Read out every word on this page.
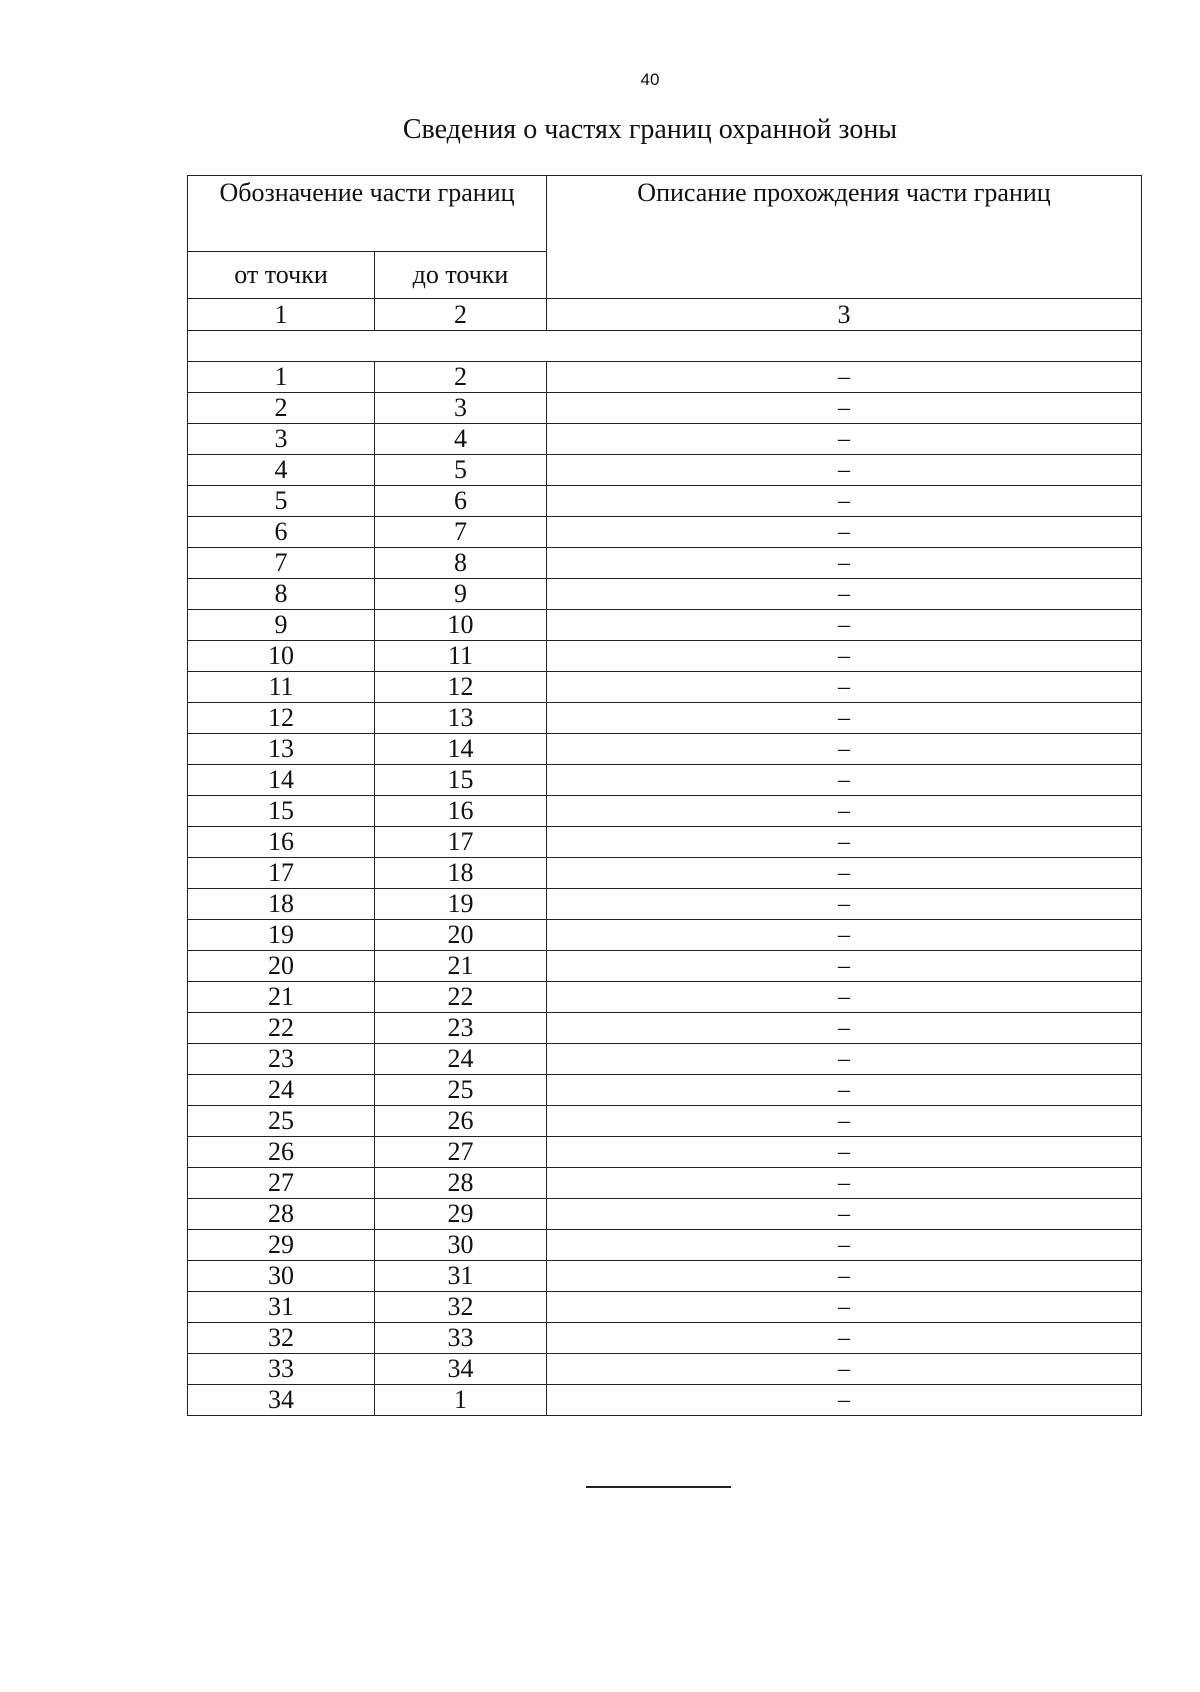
40
Сведения о частях границ охранной зоны
Обозначение части границ		Описание прохождения части границ
от точки	до точки	
1	2	3

1	2	–
2	3	–
3	4	–
4	5	–
5	6	–
6	7	–
7	8	–
8	9	–
9	10	–
10	11	–
11	12	–
12	13	–
13	14	–
14	15	–
15	16	–
16	17	–
17	18	–
18	19	–
19	20	–
20	21	–
21	22	–
22	23	–
23	24	–
24	25	–
25	26	–
26	27	–
27	28	–
28	29	–
29	30	–
30	31	–
31	32	–
32	33	–
33	34	–
34	1	–
